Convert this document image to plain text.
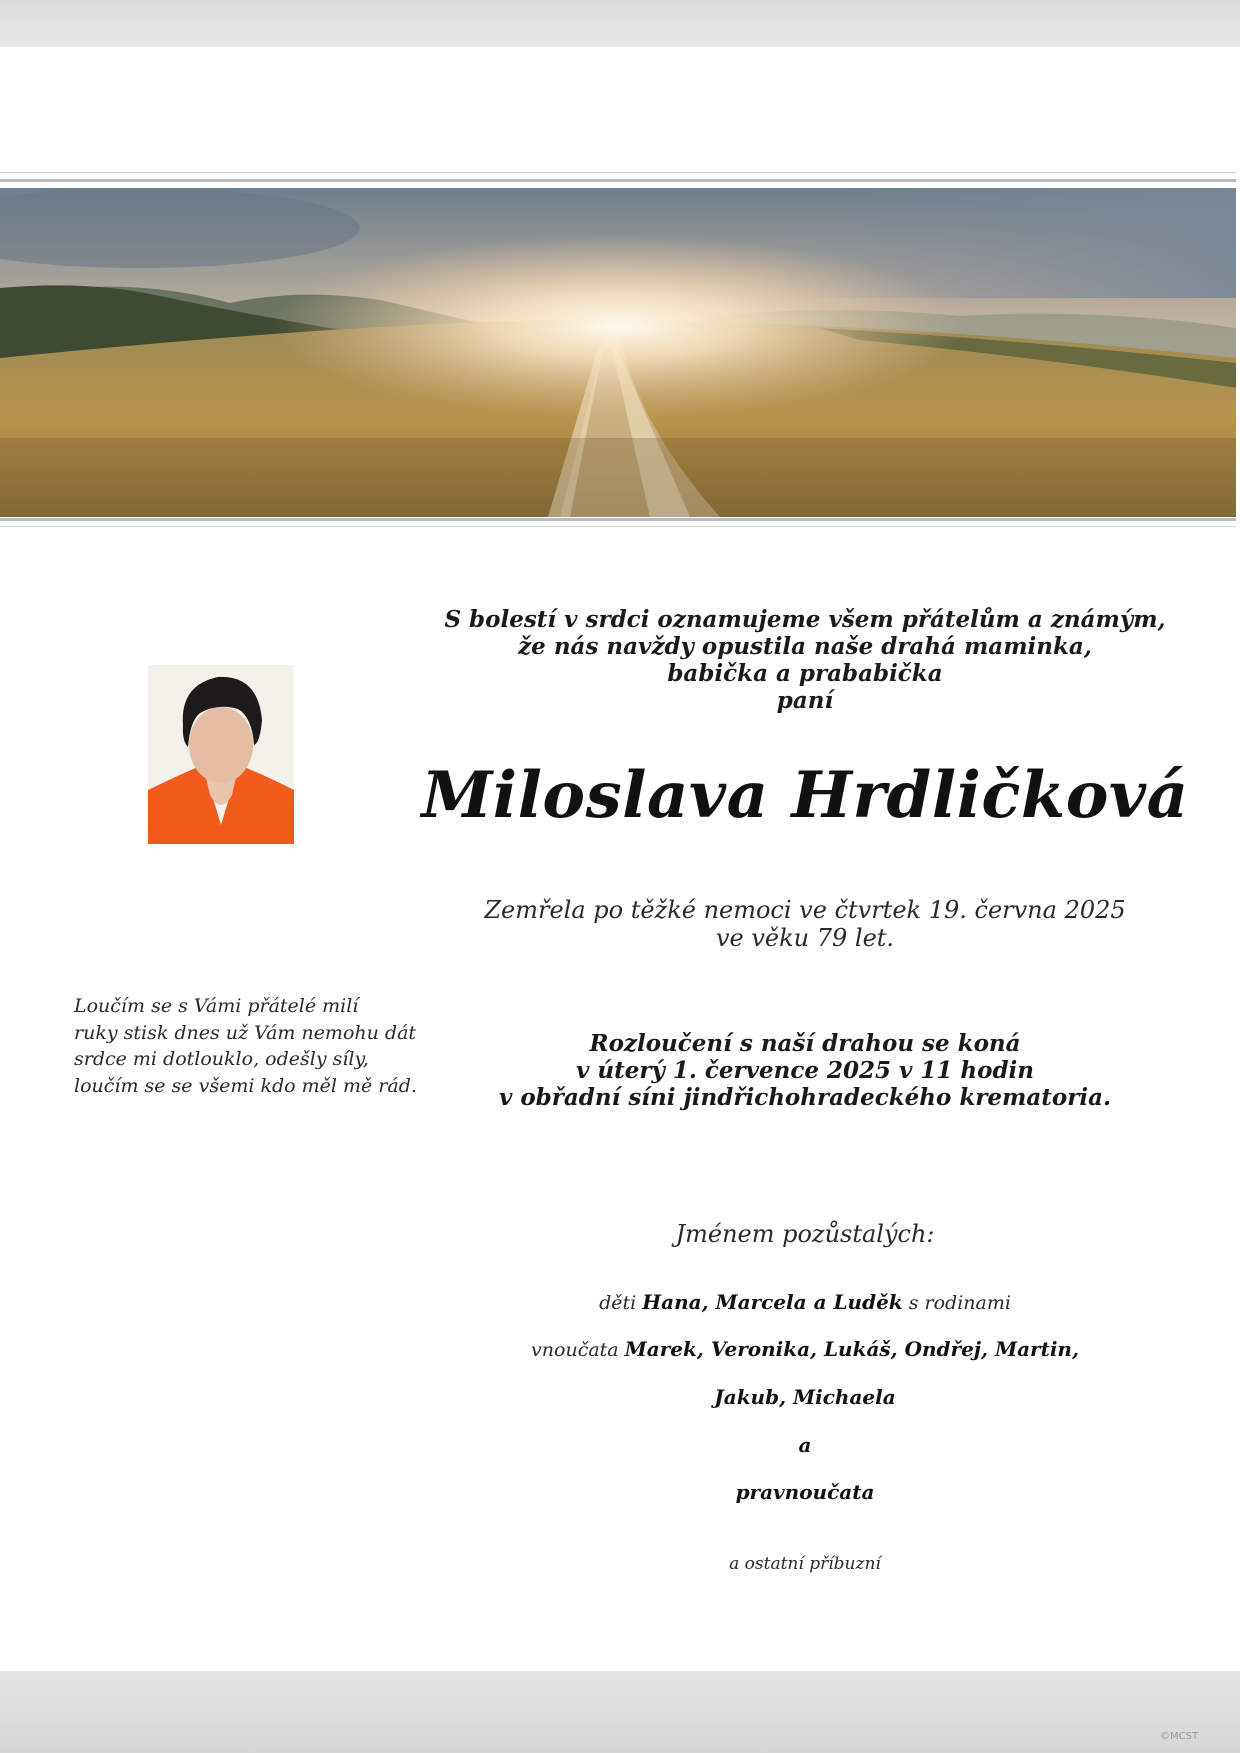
S bolestí v srdci oznamujeme všem přátelům a známým,
že nás navždy opustila naše drahá maminka,
babička a prababička
paní
Miloslava Hrdličková
Zemřela po těžké nemoci ve čtvrtek 19. června 2025
ve věku 79 let.
Rozloučení s naší drahou se koná
v úterý 1. července 2025 v 11 hodin
v obřadní síni jindřichohradeckého krematoria.
Loučím se s Vámi přátelé milí
ruky stisk dnes už Vám nemohu dát
srdce mi dotlouklo, odešly síly,
loučím se se všemi kdo měl mě rád.
Jménem pozůstalých:
děti Hana, Marcela a Luděk s rodinami
vnoučata Marek, Veronika, Lukáš, Ondřej, Martin,
Jakub, Michaela
a
pravnoučata
a ostatní příbuzní
©MCST
